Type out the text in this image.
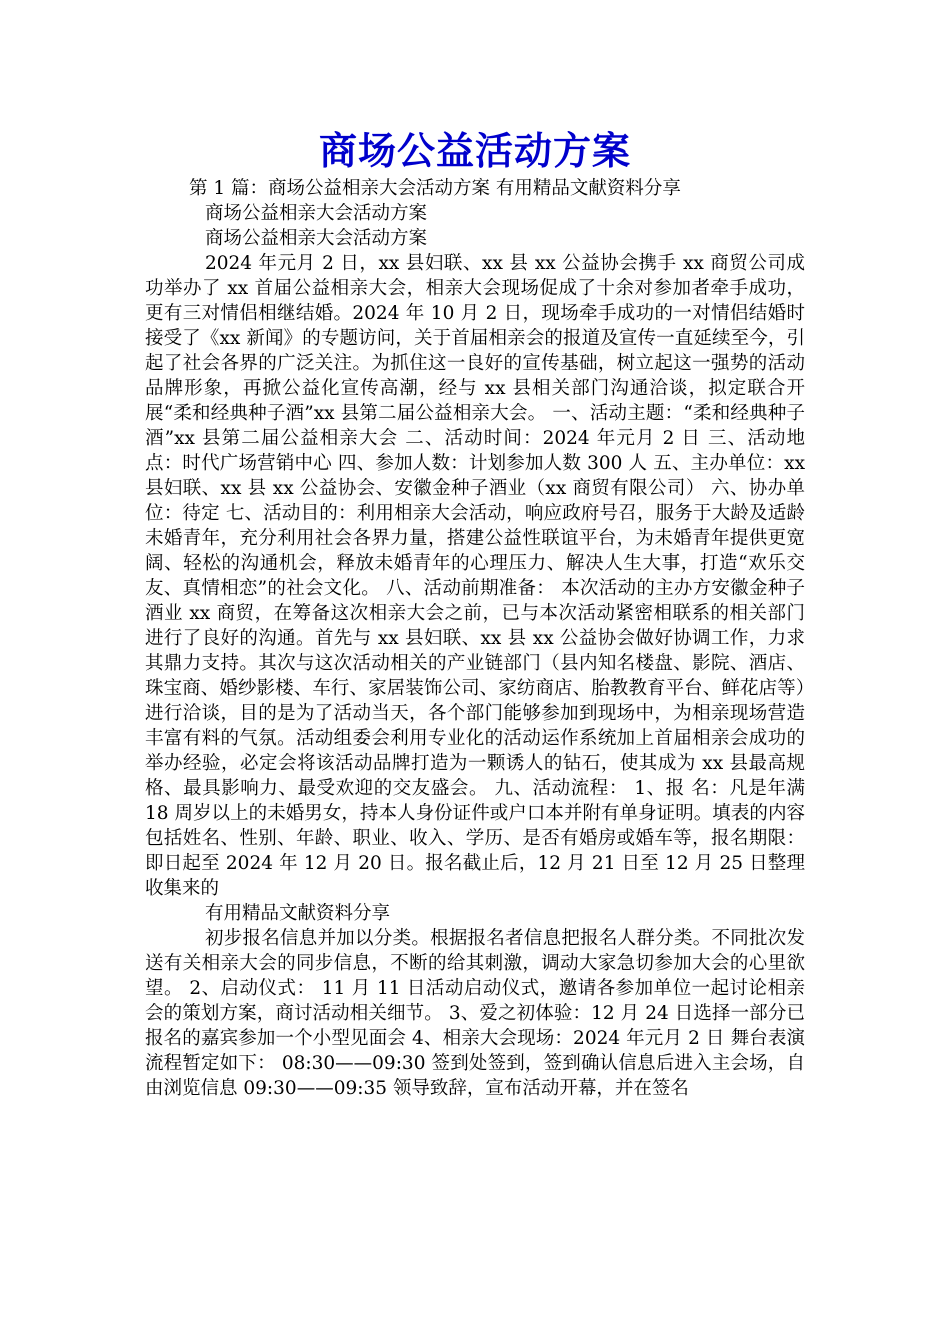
商场公益活动方案

第 1 篇：商场公益相亲大会活动方案 有用精品文献资料分享

商场公益相亲大会活动方案

商场公益相亲大会活动方案

2024 年元月 2 日，xx 县妇联、xx 县 xx 公益协会携手 xx 商贸公司成功举办了 xx 首届公益相亲大会，相亲大会现场促成了十余对参加者牵手成功，更有三对情侣相继结婚。2024 年 10 月 2 日，现场牵手成功的一对情侣结婚时接受了《xx 新闻》的专题访问，关于首届相亲会的报道及宣传一直延续至今，引起了社会各界的广泛关注。为抓住这一良好的宣传基础，树立起这一强势的活动品牌形象，再掀公益化宣传高潮，经与 xx 县相关部门沟通洽谈，拟定联合开展“柔和经典种子酒”xx 县第二届公益相亲大会。 一、活动主题：“柔和经典种子酒”xx 县第二届公益相亲大会 二、活动时间：2024 年元月 2 日 三、活动地点：时代广场营销中心 四、参加人数：计划参加人数 300 人 五、主办单位：xx 县妇联、xx 县 xx 公益协会、安徽金种子酒业（xx 商贸有限公司） 六、协办单位：待定 七、活动目的：利用相亲大会活动，响应政府号召，服务于大龄及适龄未婚青年，充分利用社会各界力量，搭建公益性联谊平台，为未婚青年提供更宽阔、轻松的沟通机会，释放未婚青年的心理压力、解决人生大事，打造“欢乐交友、真情相恋”的社会文化。 八、活动前期准备： 本次活动的主办方安徽金种子酒业 xx 商贸，在筹备这次相亲大会之前，已与本次活动紧密相联系的相关部门进行了良好的沟通。首先与 xx 县妇联、xx 县 xx 公益协会做好协调工作，力求其鼎力支持。其次与这次活动相关的产业链部门（县内知名楼盘、影院、酒店、珠宝商、婚纱影楼、车行、家居装饰公司、家纺商店、胎教教育平台、鲜花店等）进行洽谈，目的是为了活动当天，各个部门能够参加到现场中，为相亲现场营造丰富有料的气氛。活动组委会利用专业化的活动运作系统加上首届相亲会成功的举办经验，必定会将该活动品牌打造为一颗诱人的钻石，使其成为 xx 县最高规格、最具影响力、最受欢迎的交友盛会。 九、活动流程： 1、报 名：凡是年满 18 周岁以上的未婚男女，持本人身份证件或户口本并附有单身证明。填表的内容包括姓名、性别、年龄、职业、收入、学历、是否有婚房或婚车等，报名期限：即日起至 2024 年 12 月 20 日。报名截止后，12 月 21 日至 12 月 25 日整理收集来的

有用精品文献资料分享

初步报名信息并加以分类。根据报名者信息把报名人群分类。不同批次发送有关相亲大会的同步信息，不断的给其刺激，调动大家急切参加大会的心里欲望。 2、启动仪式： 11 月 11 日活动启动仪式，邀请各参加单位一起讨论相亲会的策划方案，商讨活动相关细节。 3、爱之初体验：12 月 24 日选择一部分已报名的嘉宾参加一个小型见面会 4、相亲大会现场：2024 年元月 2 日 舞台表演流程暂定如下： 08:30——09:30 签到处签到，签到确认信息后进入主会场，自由浏览信息 09:30——09:35 领导致辞，宣布活动开幕，并在签名
